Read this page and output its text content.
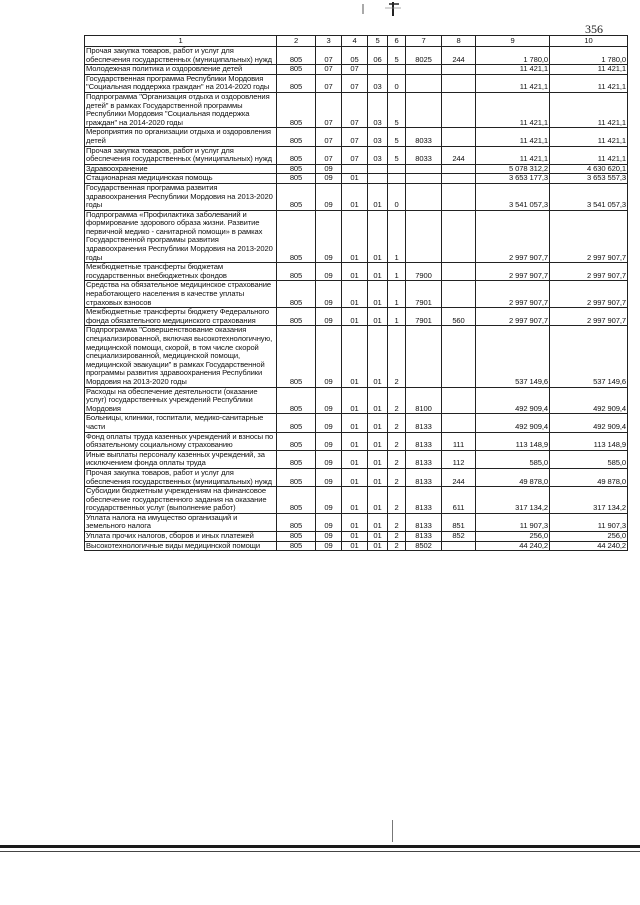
356
1	2	3	4	5	6	7	8	9	10
Прочая закупка товаров, работ и услуг для обеспечения государственных (муниципальных) нужд	805	07	05	06	5	8025	244	1 780,0	1 780,0
Молодежная политика и оздоровление детей	805	07	07					11 421,1	11 421,1
Государственная программа Республики Мордовия "Социальная поддержка граждан" на 2014-2020 годы	805	07	07	03	0			11 421,1	11 421,1
Подпрограмма "Организация отдыха и оздоровления детей" в рамках Государственной программы Республики Мордовия "Социальная поддержка граждан" на 2014-2020 годы	805	07	07	03	5			11 421,1	11 421,1
Мероприятия по организации отдыха и оздоровления детей	805	07	07	03	5	8033		11 421,1	11 421,1
Прочая закупка товаров, работ и услуг для обеспечения государственных (муниципальных) нужд	805	07	07	03	5	8033	244	11 421,1	11 421,1
Здравоохранение	805	09						5 078 312,2	4 630 620,1
Стационарная медицинская помощь	805	09	01					3 653 177,3	3 653 557,3
Государственная программа развития здравоохранения Республики Мордовия на 2013-2020 годы	805	09	01	01	0			3 541 057,3	3 541 057,3
Подпрограмма «Профилактика заболеваний и формирование здорового образа жизни. Развитие первичной медико - санитарной помощи» в рамках Государственной программы развития здравоохранения Республики Мордовия на 2013-2020 годы	805	09	01	01	1			2 997 907,7	2 997 907,7
Межбюджетные трансферты бюджетам государственных внебюджетных фондов	805	09	01	01	1	7900		2 997 907,7	2 997 907,7
Средства на обязательное медицинское страхование неработающего населения в качестве уплаты страховых взносов	805	09	01	01	1	7901		2 997 907,7	2 997 907,7
Межбюджетные трансферты бюджету Федерального фонда обязательного медицинского страхования	805	09	01	01	1	7901	560	2 997 907,7	2 997 907,7
Подпрограмма "Совершенствование оказания специализированной, включая высокотехнологичную, медицинской помощи, скорой, в том числе скорой специализированной, медицинской помощи, медицинской эвакуации" в рамках Государственной программы развития здравоохранения Республики Мордовия на 2013-2020 годы	805	09	01	01	2			537 149,6	537 149,6
Расходы на обеспечение деятельности (оказание услуг) государственных учреждений Республики Мордовия	805	09	01	01	2	8100		492 909,4	492 909,4
Больницы, клиники, госпитали, медико-санитарные части	805	09	01	01	2	8133		492 909,4	492 909,4
Фонд оплаты труда казенных учреждений и взносы по обязательному социальному страхованию	805	09	01	01	2	8133	111	113 148,9	113 148,9
Иные выплаты персоналу казенных учреждений, за исключением фонда оплаты труда	805	09	01	01	2	8133	112	585,0	585,0
Прочая закупка товаров, работ и услуг для обеспечения государственных (муниципальных) нужд	805	09	01	01	2	8133	244	49 878,0	49 878,0
Субсидии бюджетным учреждениям на финансовое обеспечение государственного задания на оказание государственных услуг (выполнение работ)	805	09	01	01	2	8133	611	317 134,2	317 134,2
Уплата налога на имущество организаций и земельного налога	805	09	01	01	2	8133	851	11 907,3	11 907,3
Уплата прочих налогов, сборов и иных платежей	805	09	01	01	2	8133	852	256,0	256,0
Высокотехнологичные виды медицинской помощи	805	09	01	01	2	8502		44 240,2	44 240,2
